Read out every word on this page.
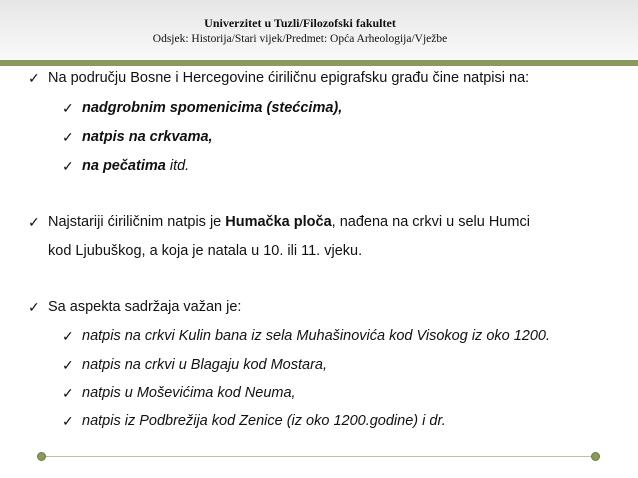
Univerzitet u Tuzli/Filozofski fakultet
Odsjek: Historija/Stari vijek/Predmet: Opća Arheologija/Vježbe
✓ Na području Bosne i Hercegovine ćiriličnu epigrafsku građu čine natpisi na:
✓ nadgrobnim spomenicima (stećcima),
✓ natpis na crkvama,
✓ na pečatima itd.
✓ Najstariji ćiriličnim natpis je Humačka ploča, nađena na crkvi u selu Humci
kod Ljubuškog, a koja je natala u 10. ili 11. vjeku.
✓ Sa aspekta sadržaja važan je:
✓ natpis na crkvi Kulin bana iz sela Muhašinovića kod Visokog iz oko 1200.
✓ natpis na crkvi u Blagaju kod Mostara,
✓ natpis u Moševićima kod Neuma,
✓ natpis iz Podbrežija kod Zenice (iz oko 1200.godine) i dr.
